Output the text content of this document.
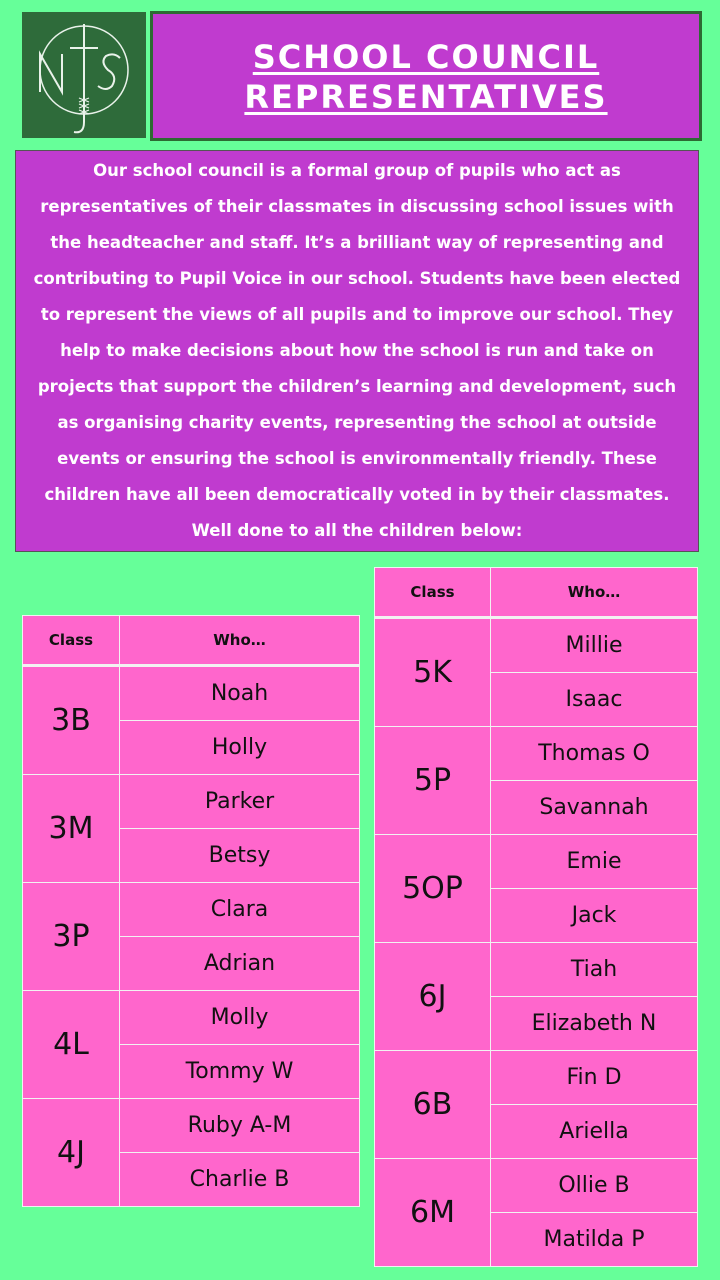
SCHOOL COUNCIL
REPRESENTATIVES
Our school council is a formal group of pupils who act as representatives of their classmates in discussing school issues with the headteacher and staff. It’s a brilliant way of representing and contributing to Pupil Voice in our school. Students have been elected to represent the views of all pupils and to improve our school. They help to make decisions about how the school is run and take on projects that support the children’s learning and development, such as organising charity events, representing the school at outside events or ensuring the school is environmentally friendly. These children have all been democratically voted in by their classmates. Well done to all the children below:
Class	Who…
3B	Noah
	Holly
3M	Parker
	Betsy
3P	Clara
	Adrian
4L	Molly
	Tommy W
4J	Ruby A-M
	Charlie B
Class	Who…
5K	Millie
	Isaac
5P	Thomas O
	Savannah
5OP	Emie
	Jack
6J	Tiah
	Elizabeth N
6B	Fin D
	Ariella
6M	Ollie B
	Matilda P
